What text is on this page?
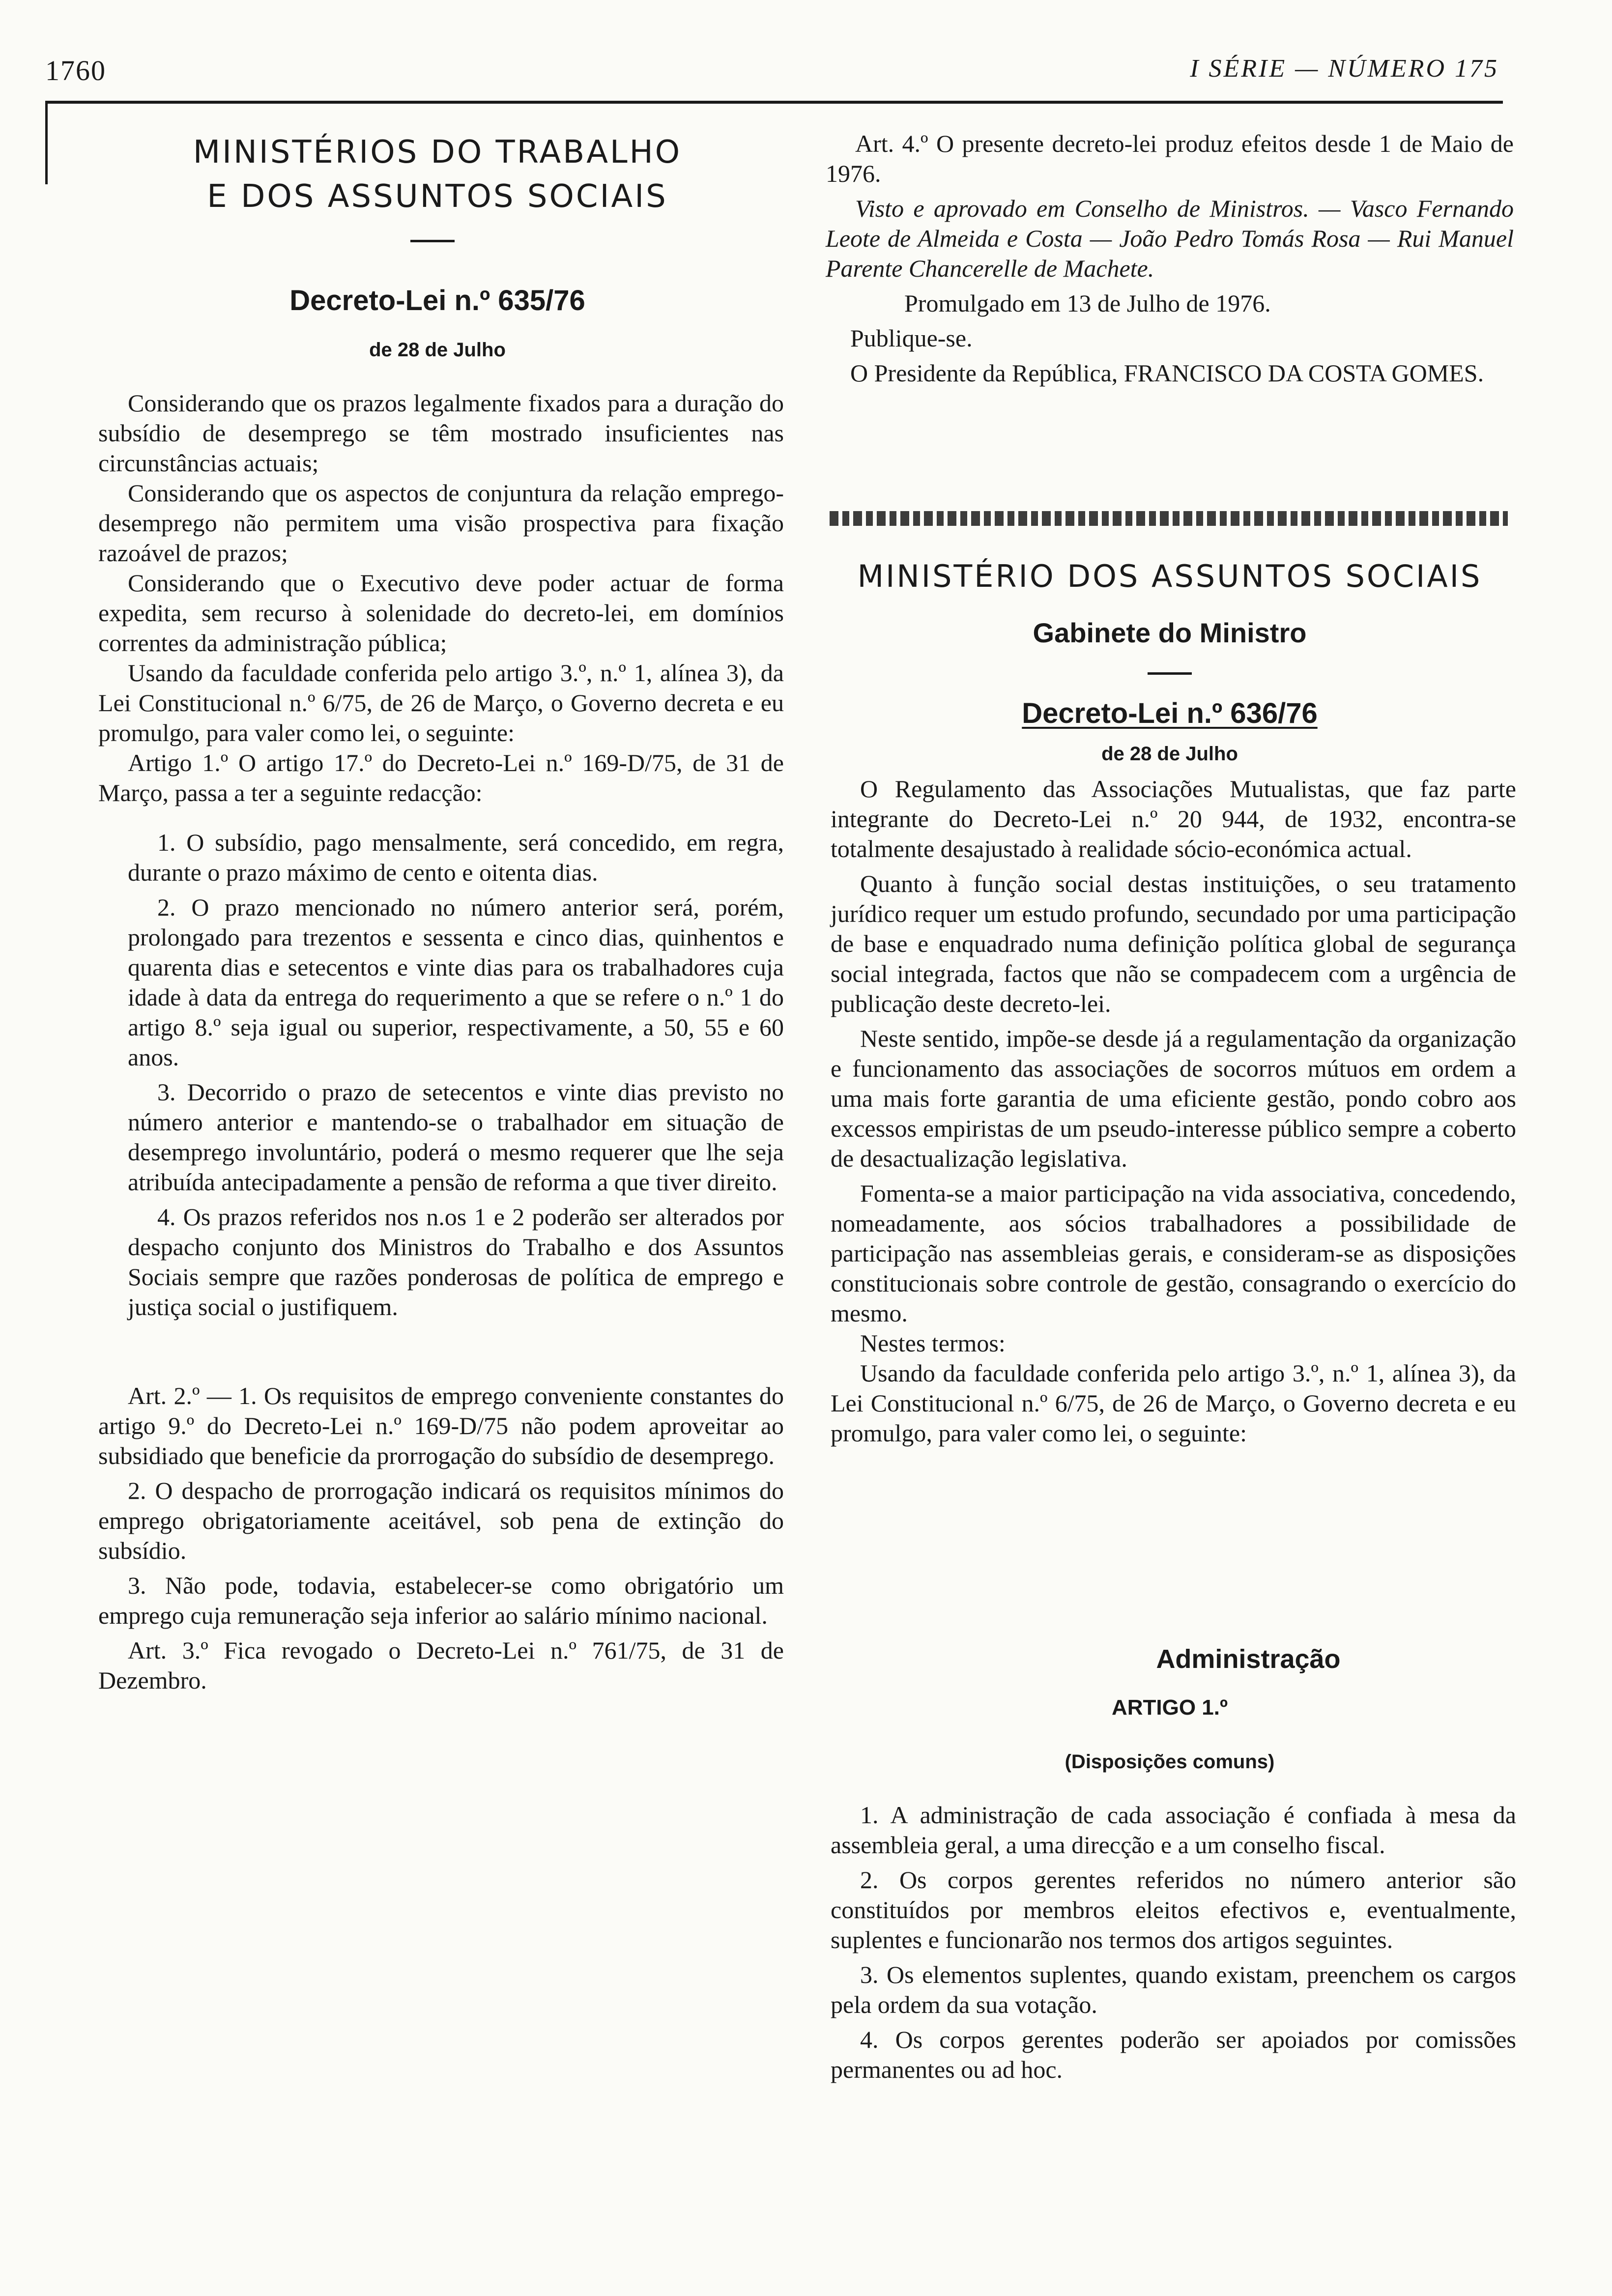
1760	I SÉRIE — NÚMERO 175
MINISTÉRIOS DO TRABALHO
E DOS ASSUNTOS SOCIAIS
Decreto-Lei n.º 635/76
de 28 de Julho

Considerando que os prazos legalmente fixados para a duração do subsídio de desemprego se têm mostrado insuficientes nas circunstâncias actuais;

Considerando que os aspectos de conjuntura da relação emprego-desemprego não permitem uma visão prospectiva para fixação razoável de prazos;

Considerando que o Executivo deve poder actuar de forma expedita, sem recurso à solenidade do decreto-lei, em domínios correntes da administração pública;

Usando da faculdade conferida pelo artigo 3.º, n.º 1, alínea 3), da Lei Constitucional n.º 6/75, de 26 de Março, o Governo decreta e eu promulgo, para valer como lei, o seguinte:

Artigo 1.º O artigo 17.º do Decreto-Lei n.º 169-D/75, de 31 de Março, passa a ter a seguinte redacção:

1. O subsídio, pago mensalmente, será concedido, em regra, durante o prazo máximo de cento e oitenta dias.

2. O prazo mencionado no número anterior será, porém, prolongado para trezentos e sessenta e cinco dias, quinhentos e quarenta dias e setecentos e vinte dias para os trabalhadores cuja idade à data da entrega do requerimento a que se refere o n.º 1 do artigo 8.º seja igual ou superior, respectivamente, a 50, 55 e 60 anos.

3. Decorrido o prazo de setecentos e vinte dias previsto no número anterior e mantendo-se o trabalhador em situação de desemprego involuntário, poderá o mesmo requerer que lhe seja atribuída antecipadamente a pensão de reforma a que tiver direito.

4. Os prazos referidos nos n.os 1 e 2 poderão ser alterados por despacho conjunto dos Ministros do Trabalho e dos Assuntos Sociais sempre que razões ponderosas de política de emprego e justiça social o justifiquem.

Art. 2.º — 1. Os requisitos de emprego conveniente constantes do artigo 9.º do Decreto-Lei n.º 169-D/75 não podem aproveitar ao subsidiado que beneficie da prorrogação do subsídio de desemprego.

2. O despacho de prorrogação indicará os requisitos mínimos do emprego obrigatoriamente aceitável, sob pena de extinção do subsídio.

3. Não pode, todavia, estabelecer-se como obrigatório um emprego cuja remuneração seja inferior ao salário mínimo nacional.

Art. 3.º Fica revogado o Decreto-Lei n.º 761/75, de 31 de Dezembro.

Art. 4.º O presente decreto-lei produz efeitos desde 1 de Maio de 1976.

Visto e aprovado em Conselho de Ministros. — Vasco Fernando Leote de Almeida e Costa — João Pedro Tomás Rosa — Rui Manuel Parente Chancerelle de Machete.

Promulgado em 13 de Julho de 1976.

Publique-se.

O Presidente da República, FRANCISCO DA COSTA GOMES.

MINISTÉRIO DOS ASSUNTOS SOCIAIS
Gabinete do Ministro
Decreto-Lei n.º 636/76
de 28 de Julho

O Regulamento das Associações Mutualistas, que faz parte integrante do Decreto-Lei n.º 20 944, de 1932, encontra-se totalmente desajustado à realidade sócio-económica actual.

Quanto à função social destas instituições, o seu tratamento jurídico requer um estudo profundo, secundado por uma participação de base e enquadrado numa definição política global de segurança social integrada, factos que não se compadecem com a urgência de publicação deste decreto-lei.

Neste sentido, impõe-se desde já a regulamentação da organização e funcionamento das associações de socorros mútuos em ordem a uma mais forte garantia de uma eficiente gestão, pondo cobro aos excessos empiristas de um pseudo-interesse público sempre a coberto de desactualização legislativa.

Fomenta-se a maior participação na vida associativa, concedendo, nomeadamente, aos sócios trabalhadores a possibilidade de participação nas assembleias gerais, e consideram-se as disposições constitucionais sobre controle de gestão, consagrando o exercício do mesmo.

Nestes termos:

Usando da faculdade conferida pelo artigo 3.º, n.º 1, alínea 3), da Lei Constitucional n.º 6/75, de 26 de Março, o Governo decreta e eu promulgo, para valer como lei, o seguinte:

Administração
ARTIGO 1.º
(Disposições comuns)

1. A administração de cada associação é confiada à mesa da assembleia geral, a uma direcção e a um conselho fiscal.

2. Os corpos gerentes referidos no número anterior são constituídos por membros eleitos efectivos e, eventualmente, suplentes e funcionarão nos termos dos artigos seguintes.

3. Os elementos suplentes, quando existam, preenchem os cargos pela ordem da sua votação.

4. Os corpos gerentes poderão ser apoiados por comissões permanentes ou ad hoc.
